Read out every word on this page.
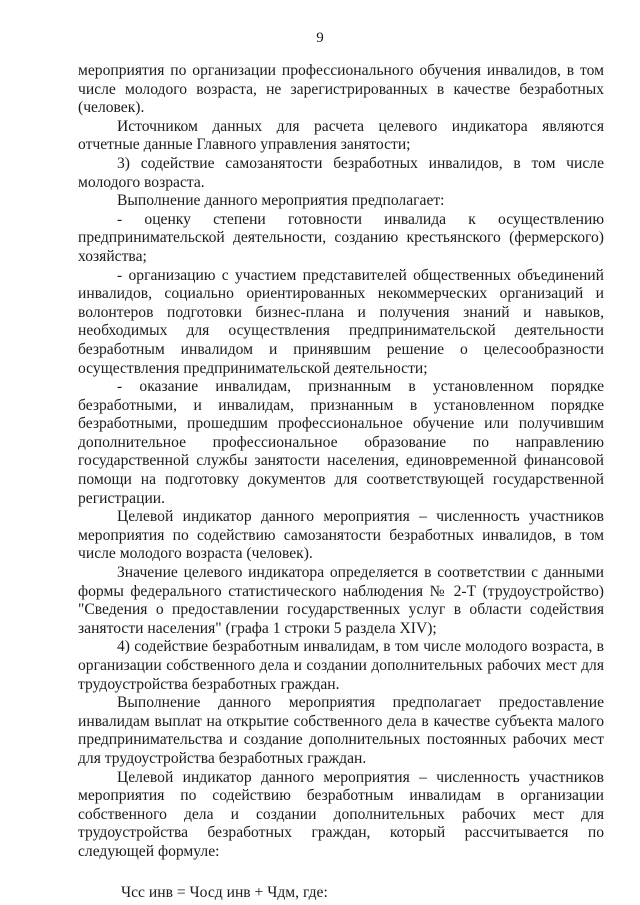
9

мероприятия по организации профессионального обучения инвалидов, в том числе молодого возраста, не зарегистрированных в качестве безработных (человек).

Источником данных для расчета целевого индикатора являются отчетные данные Главного управления занятости;

3) содействие самозанятости безработных инвалидов, в том числе молодого возраста.

Выполнение данного мероприятия предполагает:

- оценку степени готовности инвалида к осуществлению предпринимательской деятельности, созданию крестьянского (фермерского) хозяйства;

- организацию с участием представителей общественных объединений инвалидов, социально ориентированных некоммерческих организаций и волонтеров подготовки бизнес-плана и получения знаний и навыков, необходимых для осуществления предпринимательской деятельности безработным инвалидом и принявшим решение о целесообразности осуществления предпринимательской деятельности;

- оказание инвалидам, признанным в установленном порядке безработными, и инвалидам, признанным в установленном порядке безработными, прошедшим профессиональное обучение или получившим дополнительное профессиональное образование по направлению государственной службы занятости населения, единовременной финансовой помощи на подготовку документов для соответствующей государственной регистрации.

Целевой индикатор данного мероприятия – численность участников мероприятия по содействию самозанятости безработных инвалидов, в том числе молодого возраста (человек).

Значение целевого индикатора определяется в соответствии с данными формы федерального статистического наблюдения № 2-Т (трудоустройство) "Сведения о предоставлении государственных услуг в области содействия занятости населения" (графа 1 строки 5 раздела XIV);

4) содействие безработным инвалидам, в том числе молодого возраста, в организации собственного дела и создании дополнительных рабочих мест для трудоустройства безработных граждан.

Выполнение данного мероприятия предполагает предоставление инвалидам выплат на открытие собственного дела в качестве субъекта малого предпринимательства и создание дополнительных постоянных рабочих мест для трудоустройства безработных граждан.

Целевой индикатор данного мероприятия – численность участников мероприятия по содействию безработным инвалидам в организации собственного дела и создании дополнительных рабочих мест для трудоустройства безработных граждан, который рассчитывается по следующей формуле:

Чсс инв = Чосд инв + Чдм, где:
